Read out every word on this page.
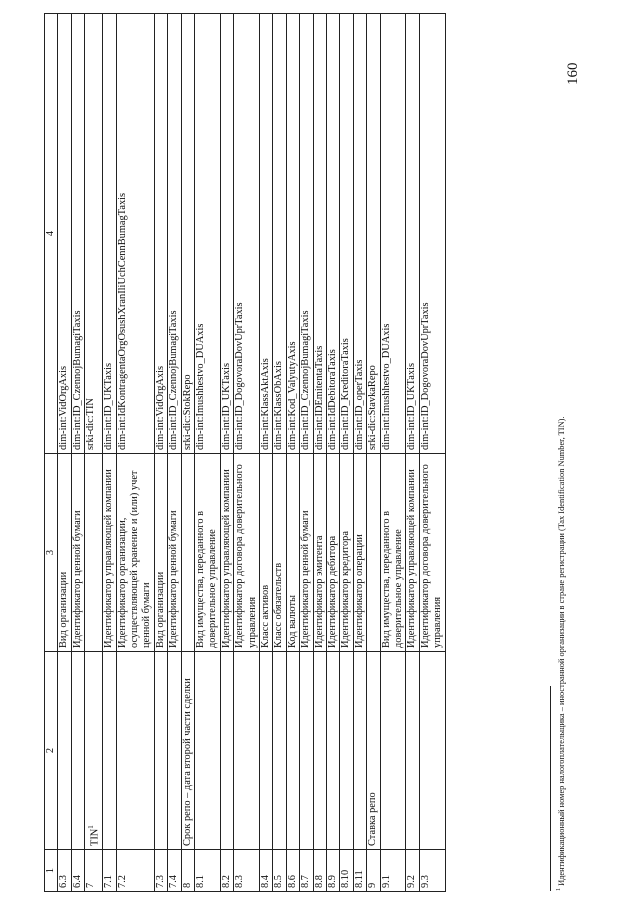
1	2	3	4
6.3		Вид организации	dim-int:VidOrgAxis
6.4		Идентификатор ценной бумаги	dim-int:ID_CzennojBumagiTaxis
7	TIN$^1$		srki-dic:TIN
7.1		Идентификатор управляющей компании	dim-int:ID_UKTaxis
7.2		Идентификатор организации, осуществляющей хранение и (или) учет ценной бумаги	dim-int:IdKontragentaOrgOsushXranIliUchCennBumagTaxis
7.3		Вид организации	dim-int:VidOrgAxis
7.4		Идентификатор ценной бумаги	dim-int:ID_CzennojBumagiTaxis
8	Срок репо – дата второй части сделки		srki-dic:StokRepo
8.1		Вид имущества, переданного в доверительное управление	dim-int:Imushhestvo_DUAxis
8.2		Идентификатор управляющей компании	dim-int:ID_UKTaxis
8.3		Идентификатор договора доверительного управления	dim-int:ID_DogovoraDovUprTaxis
8.4		Класс активов	dim-int:KlassAktAxis
8.5		Класс обязательств	dim-int:KlassObAxis
8.6		Код валюты	dim-int:Kod_ValyutyAxis
8.7		Идентификатор ценной бумаги	dim-int:ID_CzennojBumagiTaxis
8.8		Идентификатор эмитента	dim-int:IDEmitentaTaxis
8.9		Идентификатор дебитора	dim-int:IdDebitoraTaxis
8.10		Идентификатор кредитора	dim-int:ID_KreditoraTaxis
8.11		Идентификатор операции	dim-int:ID_operTaxis
9	Ставка репо		srki-dic:StavkaRepo
9.1		Вид имущества, переданного в доверительное управление	dim-int:Imushhestvo_DUAxis
9.2		Идентификатор управляющей компании	dim-int:ID_UKTaxis
9.3		Идентификатор договора доверительного управления	dim-int:ID_DogovoraDovUprTaxis
$^1$ Идентификационный номер налогоплательщика – иностранной организации в стране регистрации (Tax Identification Number, TIN).
160
